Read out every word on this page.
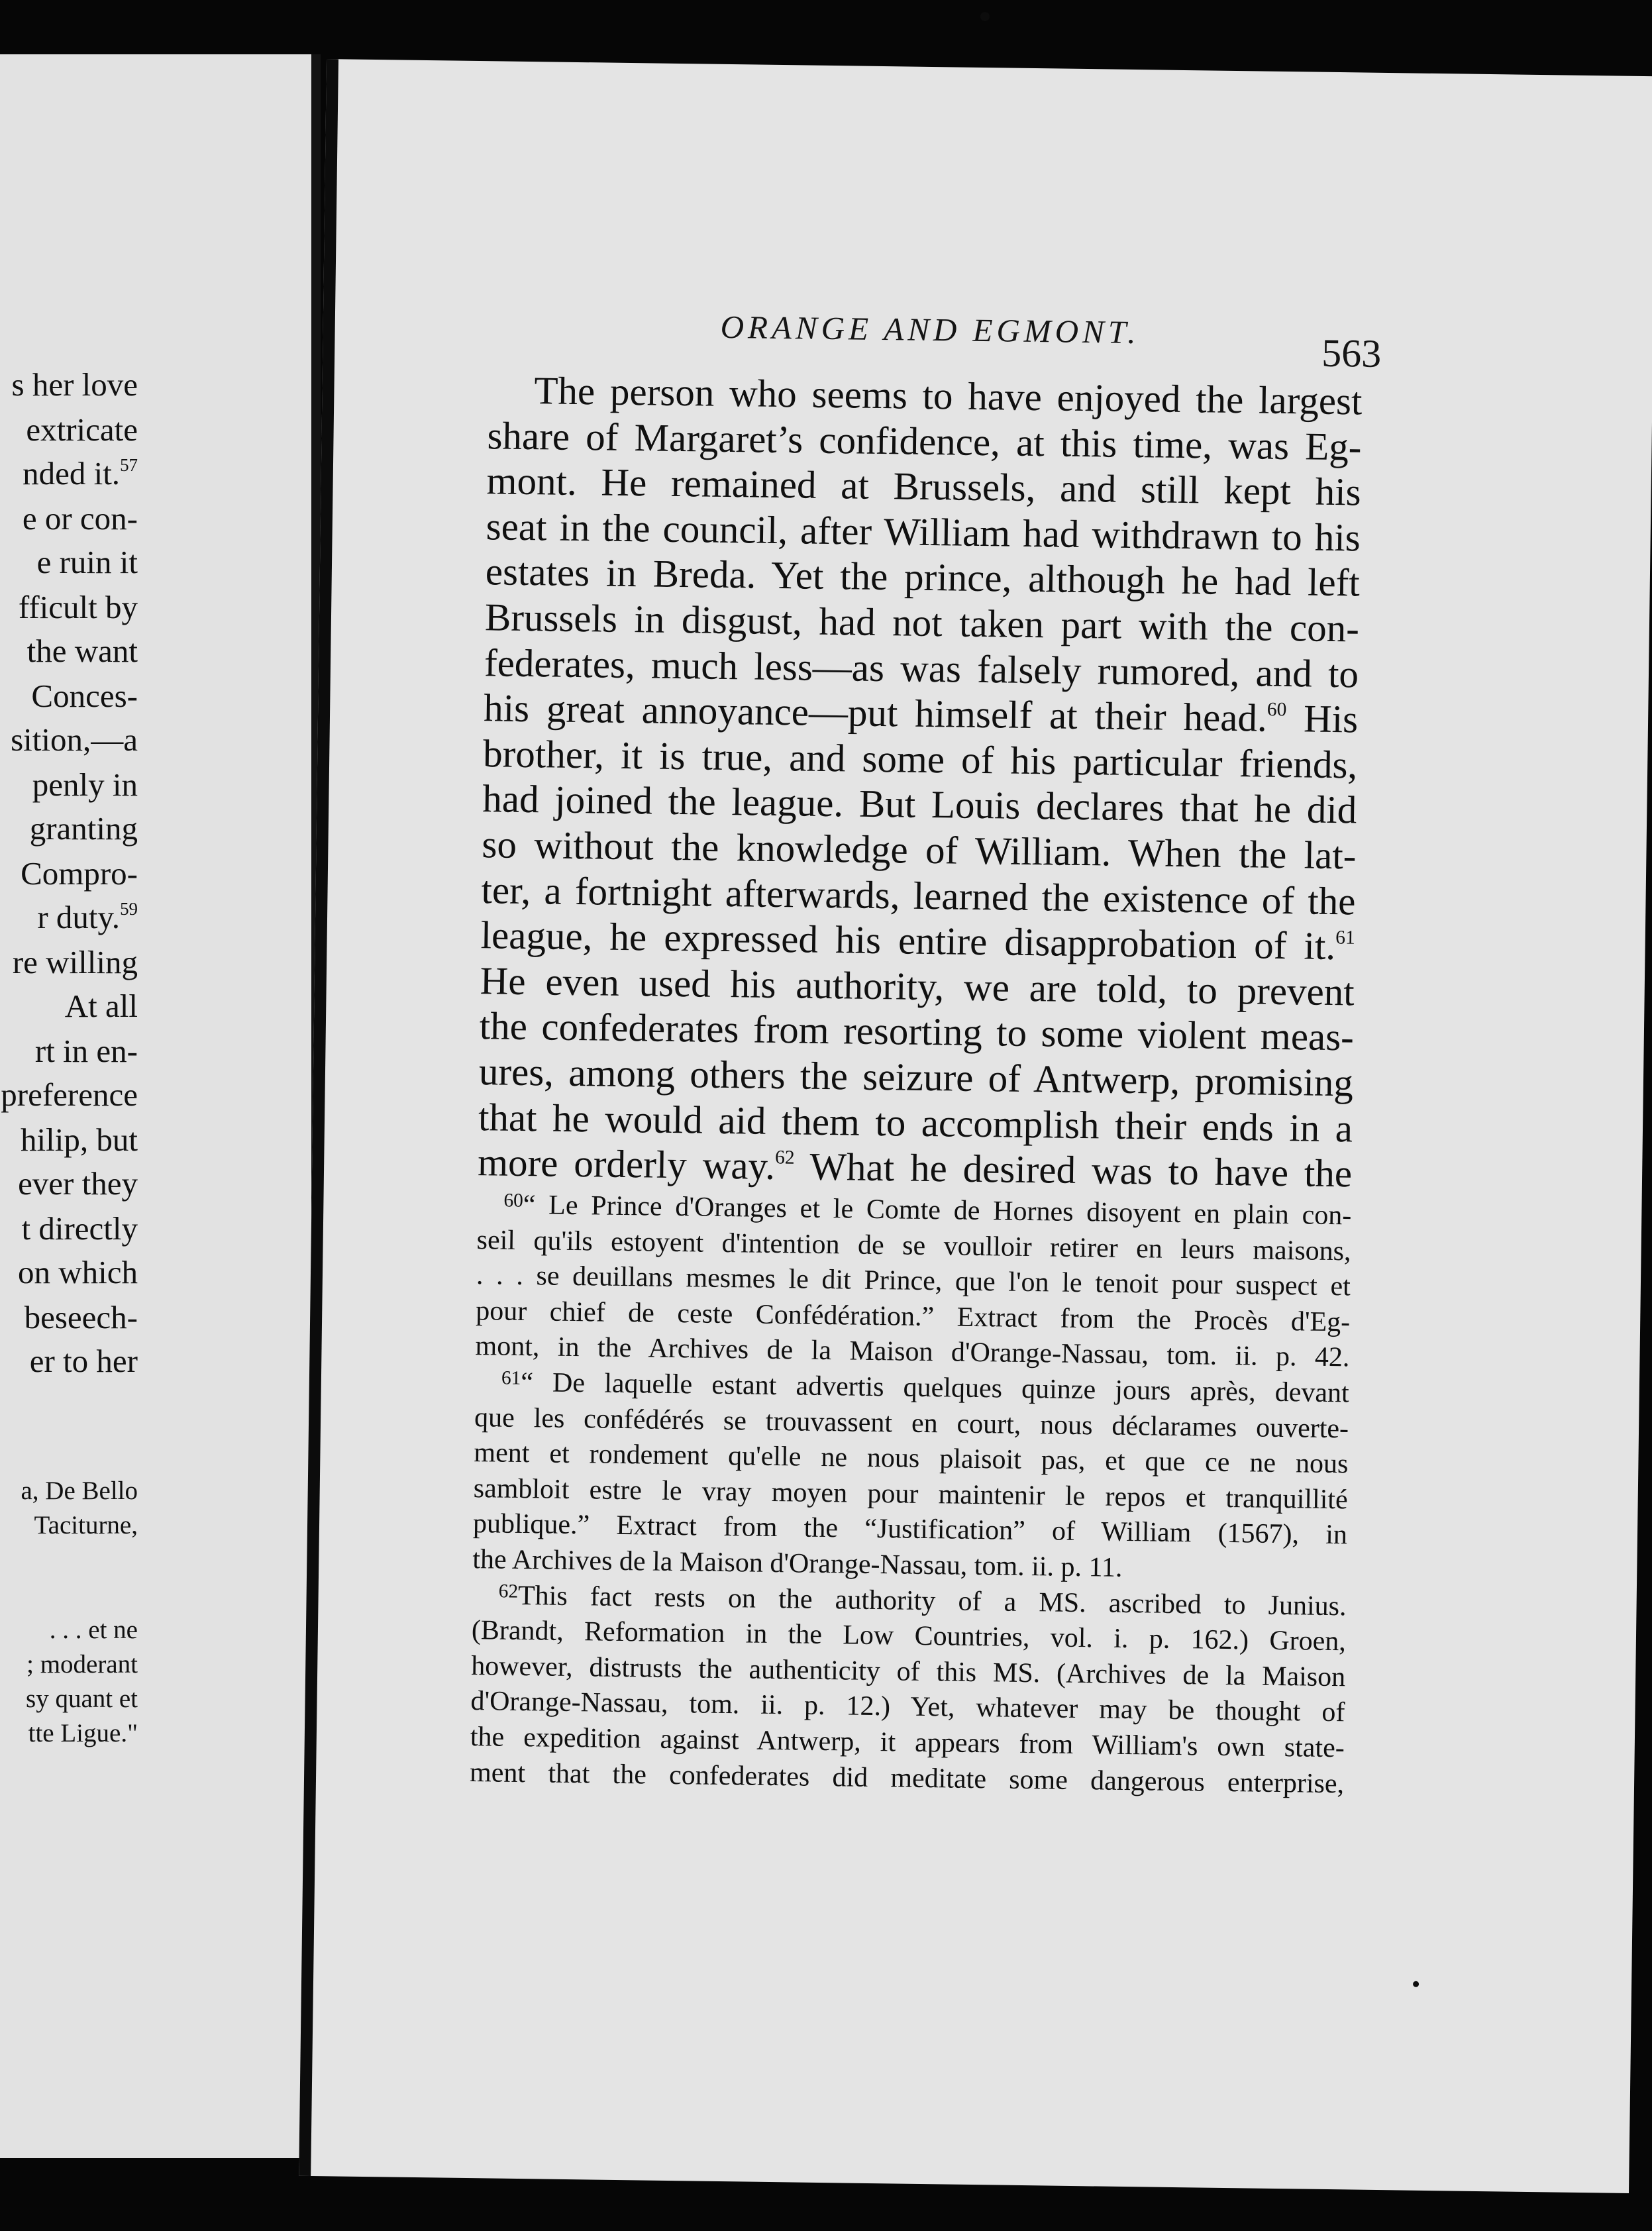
s her love

extricate

nded it.$^{57}$

e or con-

e ruin it

fficult by

the want

Conces-

sition,—a

penly in

granting

Compro-

r duty.$^{59}$

re willing

At all

rt in en-

preference

hilip, but

ever they

t directly

on which

beseech-

er to her

a, De Bello

Taciturne,

. . . et ne

; moderant

sy quant et

tte Ligue."

ORANGE AND EGMONT.
563

The person who seems to have enjoyed the largest

share of Margaret’s confidence, at this time, was Eg-

mont. He remained at Brussels, and still kept his

seat in the council, after William had withdrawn to his

estates in Breda. Yet the prince, although he had left

Brussels in disgust, had not taken part with the con-

federates, much less—as was falsely rumored, and to

his great annoyance—put himself at their head.$^{60}$ His

brother, it is true, and some of his particular friends,

had joined the league. But Louis declares that he did

so without the knowledge of William. When the lat-

ter, a fortnight afterwards, learned the existence of the

league, he expressed his entire disapprobation of it.$^{61}$

He even used his authority, we are told, to prevent

the confederates from resorting to some violent meas-

ures, among others the seizure of Antwerp, promising

that he would aid them to accomplish their ends in a

more orderly way.$^{62}$ What he desired was to have the

$^{60}$“ Le Prince d'Oranges et le Comte de Hornes disoyent en plain con-

seil qu'ils estoyent d'intention de se voulloir retirer en leurs maisons,

. . . se deuillans mesmes le dit Prince, que l'on le tenoit pour suspect et

pour chief de ceste Confédération.” Extract from the Procès d'Eg-

mont, in the Archives de la Maison d'Orange-Nassau, tom. ii. p. 42.

$^{61}$“ De laquelle estant advertis quelques quinze jours après, devant

que les confédérés se trouvassent en court, nous déclarames ouverte-

ment et rondement qu'elle ne nous plaisoit pas, et que ce ne nous

sambloit estre le vray moyen pour maintenir le repos et tranquillité

publique.” Extract from the “Justification” of William (1567), in

the Archives de la Maison d'Orange-Nassau, tom. ii. p. 11.

$^{62}$This fact rests on the authority of a MS. ascribed to Junius.

(Brandt, Reformation in the Low Countries, vol. i. p. 162.) Groen,

however, distrusts the authenticity of this MS. (Archives de la Maison

d'Orange-Nassau, tom. ii. p. 12.) Yet, whatever may be thought of

the expedition against Antwerp, it appears from William's own state-

ment that the confederates did meditate some dangerous enterprise,
